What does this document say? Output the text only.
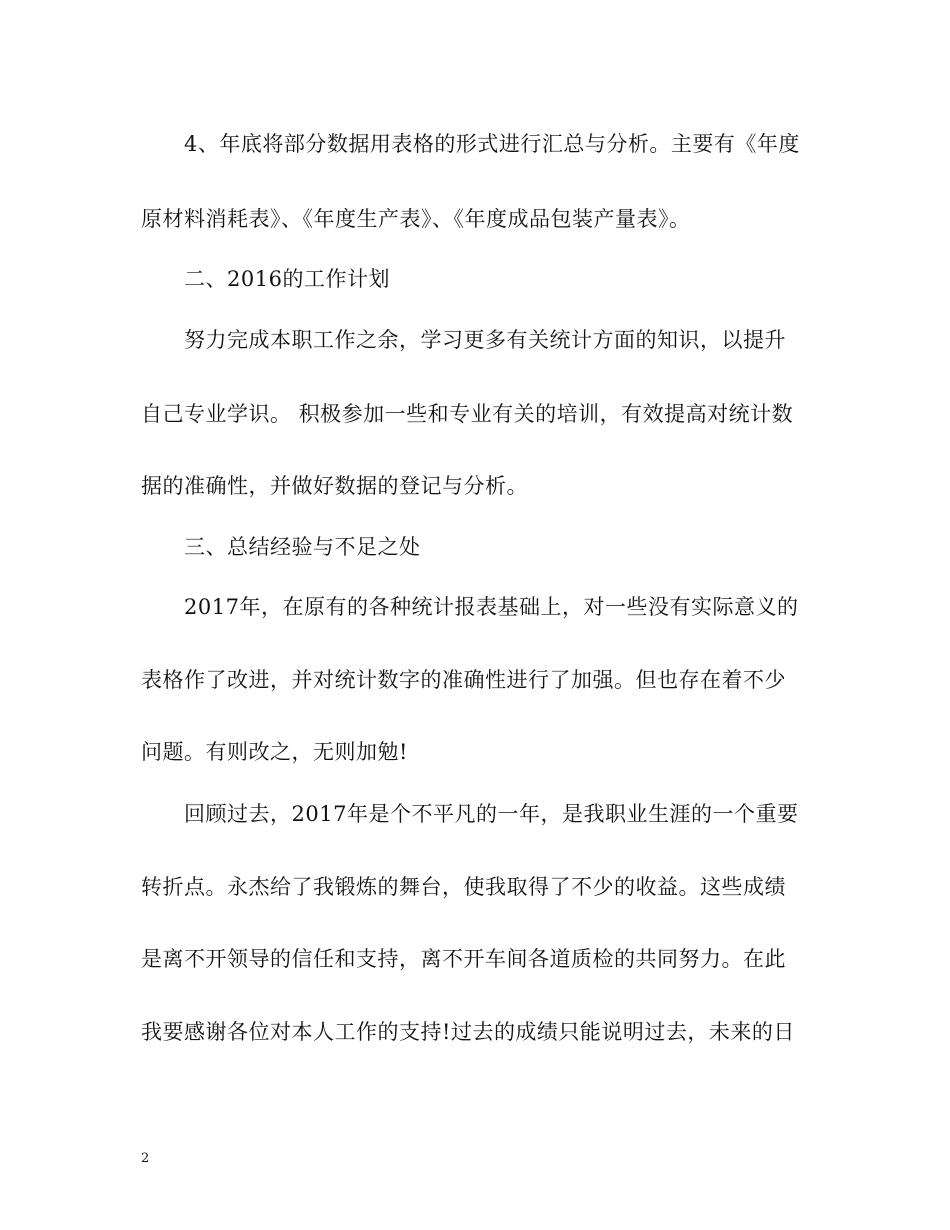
4、年底将部分数据用表格的形式进行汇总与分析。主要有《年度
原材料消耗表》、《年度生产表》、《年度成品包装产量表》。
二、2016的工作计划
努力完成本职工作之余，学习更多有关统计方面的知识，以提升
自己专业学识。 积极参加一些和专业有关的培训，有效提高对统计数
据的准确性，并做好数据的登记与分析。
三、总结经验与不足之处
2017年，在原有的各种统计报表基础上，对一些没有实际意义的
表格作了改进，并对统计数字的准确性进行了加强。但也存在着不少
问题。有则改之，无则加勉!
回顾过去，2017年是个不平凡的一年，是我职业生涯的一个重要
转折点。永杰给了我锻炼的舞台，使我取得了不少的收益。这些成绩
是离不开领导的信任和支持，离不开车间各道质检的共同努力。在此
我要感谢各位对本人工作的支持!过去的成绩只能说明过去，未来的日
2
